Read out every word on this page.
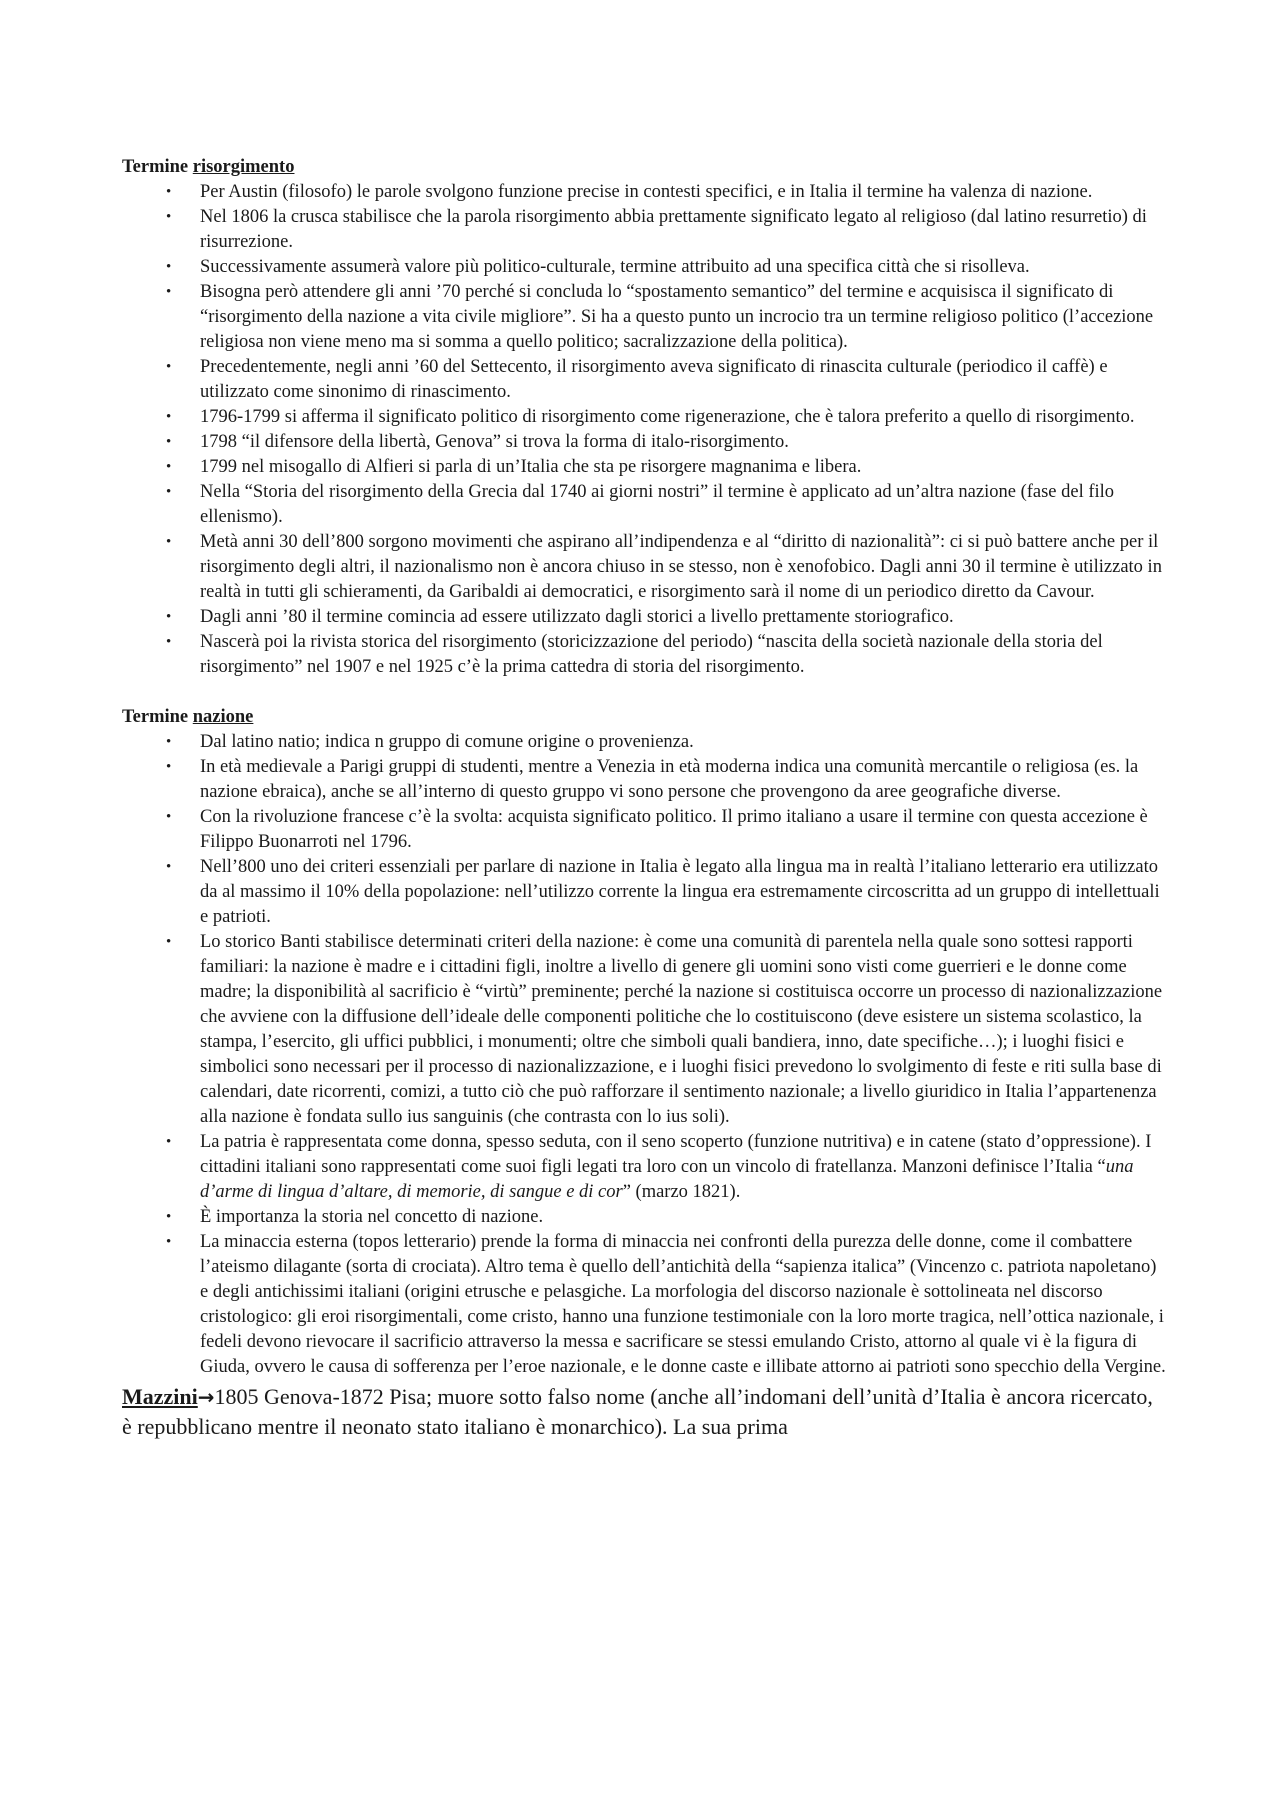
Termine risorgimento

• Per Austin (filosofo) le parole svolgono funzione precise in contesti specifici, e in Italia il termine ha valenza di nazione.
• Nel 1806 la crusca stabilisce che la parola risorgimento abbia prettamente significato legato al religioso (dal latino resurretio) di risurrezione.
• Successivamente assumerà valore più politico-culturale, termine attribuito ad una specifica città che si risolleva.
• Bisogna però attendere gli anni ’70 perché si concluda lo “spostamento semantico” del termine e acquisisca il significato di “risorgimento della nazione a vita civile migliore”. Si ha a questo punto un incrocio tra un termine religioso politico (l’accezione religiosa non viene meno ma si somma a quello politico; sacralizzazione della politica).
• Precedentemente, negli anni ’60 del Settecento, il risorgimento aveva significato di rinascita culturale (periodico il caffè) e utilizzato come sinonimo di rinascimento.
• 1796-1799 si afferma il significato politico di risorgimento come rigenerazione, che è talora preferito a quello di risorgimento.
• 1798 “il difensore della libertà, Genova” si trova la forma di italo-risorgimento.
• 1799 nel misogallo di Alfieri si parla di un’Italia che sta pe risorgere magnanima e libera.
• Nella “Storia del risorgimento della Grecia dal 1740 ai giorni nostri” il termine è applicato ad un’altra nazione (fase del filo ellenismo).
• Metà anni 30 dell’800 sorgono movimenti che aspirano all’indipendenza e al “diritto di nazionalità”: ci si può battere anche per il risorgimento degli altri, il nazionalismo non è ancora chiuso in se stesso, non è xenofobico. Dagli anni 30 il termine è utilizzato in realtà in tutti gli schieramenti, da Garibaldi ai democratici, e risorgimento sarà il nome di un periodico diretto da Cavour.
• Dagli anni ’80 il termine comincia ad essere utilizzato dagli storici a livello prettamente storiografico.
• Nascerà poi la rivista storica del risorgimento (storicizzazione del periodo) “nascita della società nazionale della storia del risorgimento” nel 1907 e nel 1925 c’è la prima cattedra di storia del risorgimento.

Termine nazione

• Dal latino natio; indica n gruppo di comune origine o provenienza.
• In età medievale a Parigi gruppi di studenti, mentre a Venezia in età moderna indica una comunità mercantile o religiosa (es. la nazione ebraica), anche se all’interno di questo gruppo vi sono persone che provengono da aree geografiche diverse.
• Con la rivoluzione francese c’è la svolta: acquista significato politico. Il primo italiano a usare il termine con questa accezione è Filippo Buonarroti nel 1796.
• Nell’800 uno dei criteri essenziali per parlare di nazione in Italia è legato alla lingua ma in realtà l’italiano letterario era utilizzato da al massimo il 10% della popolazione: nell’utilizzo corrente la lingua era estremamente circoscritta ad un gruppo di intellettuali e patrioti.
• Lo storico Banti stabilisce determinati criteri della nazione: è come una comunità di parentela nella quale sono sottesi rapporti familiari: la nazione è madre e i cittadini figli, inoltre a livello di genere gli uomini sono visti come guerrieri e le donne come madre; la disponibilità al sacrificio è “virtù” preminente; perché la nazione si costituisca occorre un processo di nazionalizzazione che avviene con la diffusione dell’ideale delle componenti politiche che lo costituiscono (deve esistere un sistema scolastico, la stampa, l’esercito, gli uffici pubblici, i monumenti; oltre che simboli quali bandiera, inno, date specifiche…); i luoghi fisici e simbolici sono necessari per il processo di nazionalizzazione, e i luoghi fisici prevedono lo svolgimento di feste e riti sulla base di calendari, date ricorrenti, comizi, a tutto ciò che può rafforzare il sentimento nazionale; a livello giuridico in Italia l’appartenenza alla nazione è fondata sullo ius sanguinis (che contrasta con lo ius soli).
• La patria è rappresentata come donna, spesso seduta, con il seno scoperto (funzione nutritiva) e in catene (stato d’oppressione). I cittadini italiani sono rappresentati come suoi figli legati tra loro con un vincolo di fratellanza. Manzoni definisce l’Italia “una d’arme di lingua d’altare, di memorie, di sangue e di cor” (marzo 1821).
• È importanza la storia nel concetto di nazione.
• La minaccia esterna (topos letterario) prende la forma di minaccia nei confronti della purezza delle donne, come il combattere l’ateismo dilagante (sorta di crociata). Altro tema è quello dell’antichità della “sapienza italica” (Vincenzo c. patriota napoletano) e degli antichissimi italiani (origini etrusche e pelasgiche. La morfologia del discorso nazionale è sottolineata nel discorso cristologico: gli eroi risorgimentali, come cristo, hanno una funzione testimoniale con la loro morte tragica, nell’ottica nazionale, i fedeli devono rievocare il sacrificio attraverso la messa e sacrificare se stessi emulando Cristo, attorno al quale vi è la figura di Giuda, ovvero le causa di sofferenza per l’eroe nazionale, e le donne caste e illibate attorno ai patrioti sono specchio della Vergine.

Mazzini→1805 Genova-1872 Pisa; muore sotto falso nome (anche all’indomani dell’unità d’Italia è ancora ricercato, è repubblicano mentre il neonato stato italiano è monarchico). La sua prima
